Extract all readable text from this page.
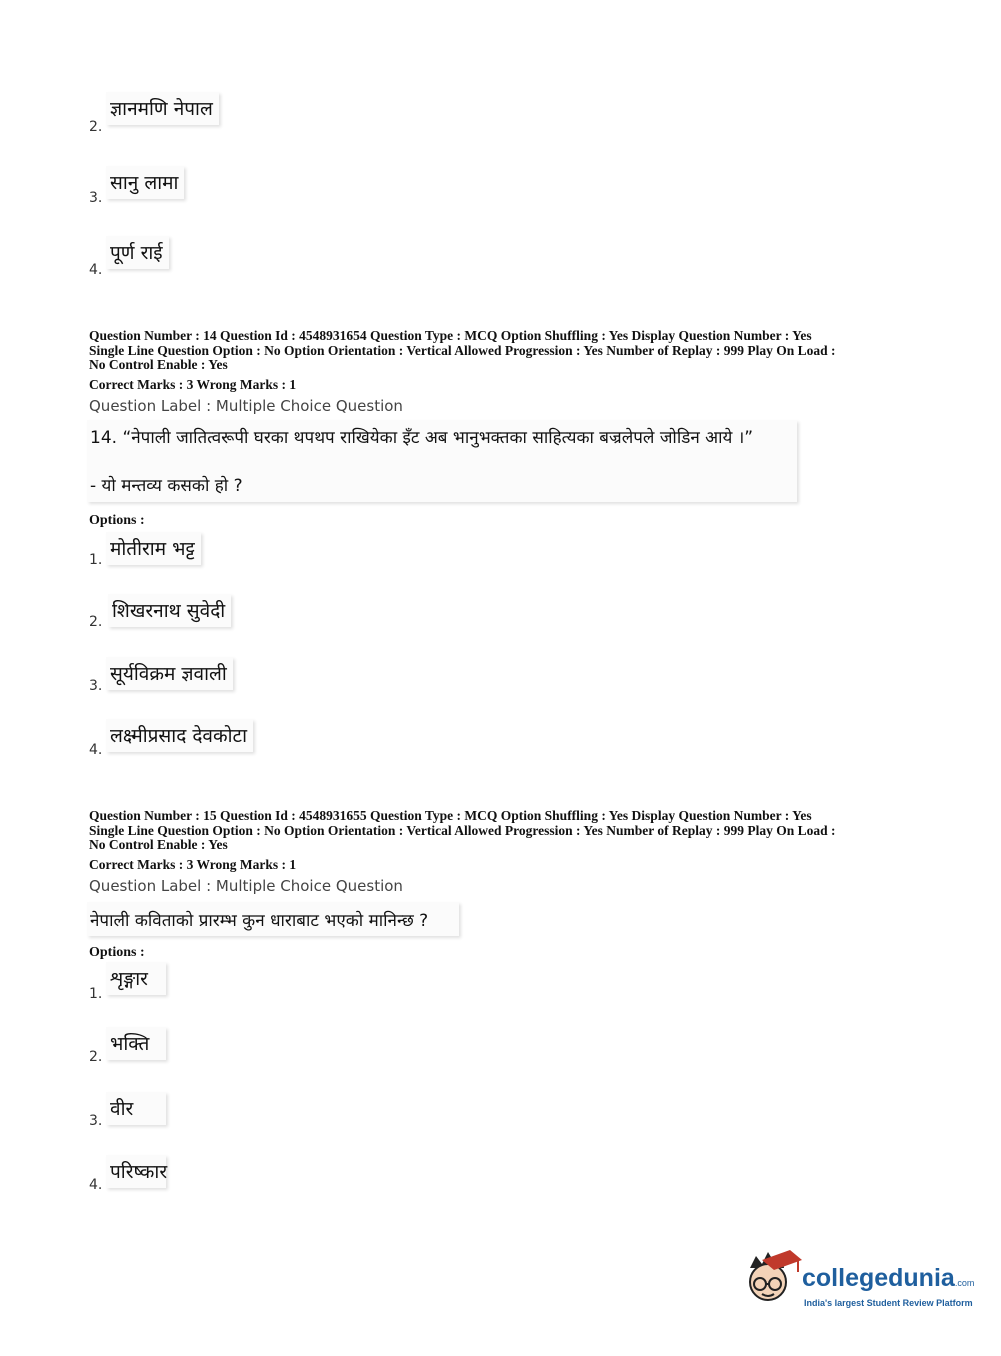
ज्ञानमणि नेपाल
2.
सानु लामा
3.
पूर्ण राई
4.
Question Number : 14 Question Id : 4548931654 Question Type : MCQ Option Shuffling : Yes Display Question Number : Yes
Single Line Question Option : No Option Orientation : Vertical Allowed Progression : Yes Number of Replay : 999 Play On Load :
No Control Enable : Yes
Correct Marks : 3 Wrong Marks : 1
Question Label : Multiple Choice Question
14. “नेपाली जातित्वरूपी घरका थपथप राखियेका इँट अब भानुभक्तका साहित्यका बज्रलेपले जोडिन आये ।”
- यो मन्तव्य कसको हो ?
Options :
मोतीराम भट्ट
1.
शिखरनाथ सुवेदी
2.
सूर्यविक्रम ज्ञवाली
3.
लक्ष्मीप्रसाद देवकोटा
4.
Question Number : 15 Question Id : 4548931655 Question Type : MCQ Option Shuffling : Yes Display Question Number : Yes
Single Line Question Option : No Option Orientation : Vertical Allowed Progression : Yes Number of Replay : 999 Play On Load :
No Control Enable : Yes
Correct Marks : 3 Wrong Marks : 1
Question Label : Multiple Choice Question
नेपाली कविताको प्रारम्भ कुन धाराबाट भएको मानिन्छ ?
Options :
शृङ्गार
1.
भक्ति
2.
वीर
3.
परिष्कार
4.
collegedunia.com
India's largest Student Review Platform
